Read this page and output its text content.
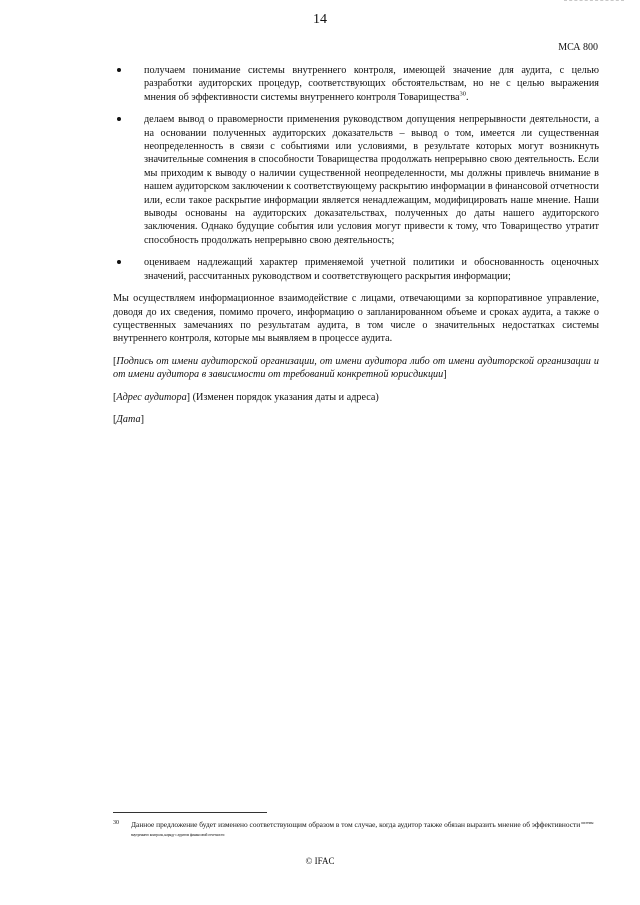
14
МСА 800
получаем понимание системы внутреннего контроля, имеющей значение для аудита, с целью разработки аудиторских процедур, соответствующих обстоятельствам, но не с целью выражения мнения об эффективности системы внутреннего контроля Товарищества$^{30}$.
делаем вывод о правомерности применения руководством допущения непрерывности деятельности, а на основании полученных аудиторских доказательств – вывод о том, имеется ли существенная неопределенность в связи с событиями или условиями, в результате которых могут возникнуть значительные сомнения в способности Товарищества продолжать непрерывно свою деятельность. Если мы приходим к выводу о наличии существенной неопределенности, мы должны привлечь внимание в нашем аудиторском заключении к соответствующему раскрытию информации в финансовой отчетности или, если такое раскрытие информации является ненадлежащим, модифицировать наше мнение. Наши выводы основаны на аудиторских доказательствах, полученных до даты нашего аудиторского заключения. Однако будущие события или условия могут привести к тому, что Товарищество утратит способность продолжать непрерывно свою деятельность;
оцениваем надлежащий характер применяемой учетной политики и обоснованность оценочных значений, рассчитанных руководством и соответствующего раскрытия информации;

Мы осуществляем информационное взаимодействие с лицами, отвечающими за корпоративное управление, доводя до их сведения, помимо прочего, информацию о запланированном объеме и сроках аудита, а также о существенных замечаниях по результатам аудита, в том числе о значительных недостатках системы внутреннего контроля, которые мы выявляем в процессе аудита.

[Подпись от имени аудиторской организации, от имени аудитора либо от имени аудиторской организации и от имени аудитора в зависимости от требований конкретной юрисдикции]

[Адрес аудитора] (Изменен порядок указания даты и адреса)

[Дата]

30	Данное предложение будет изменено соответствующим образом в том случае, когда аудитор также обязан выразить мнение об эффективности $^{системы внутреннего контроля, наряду с аудитом финансовой отчетности}$
© IFAC
